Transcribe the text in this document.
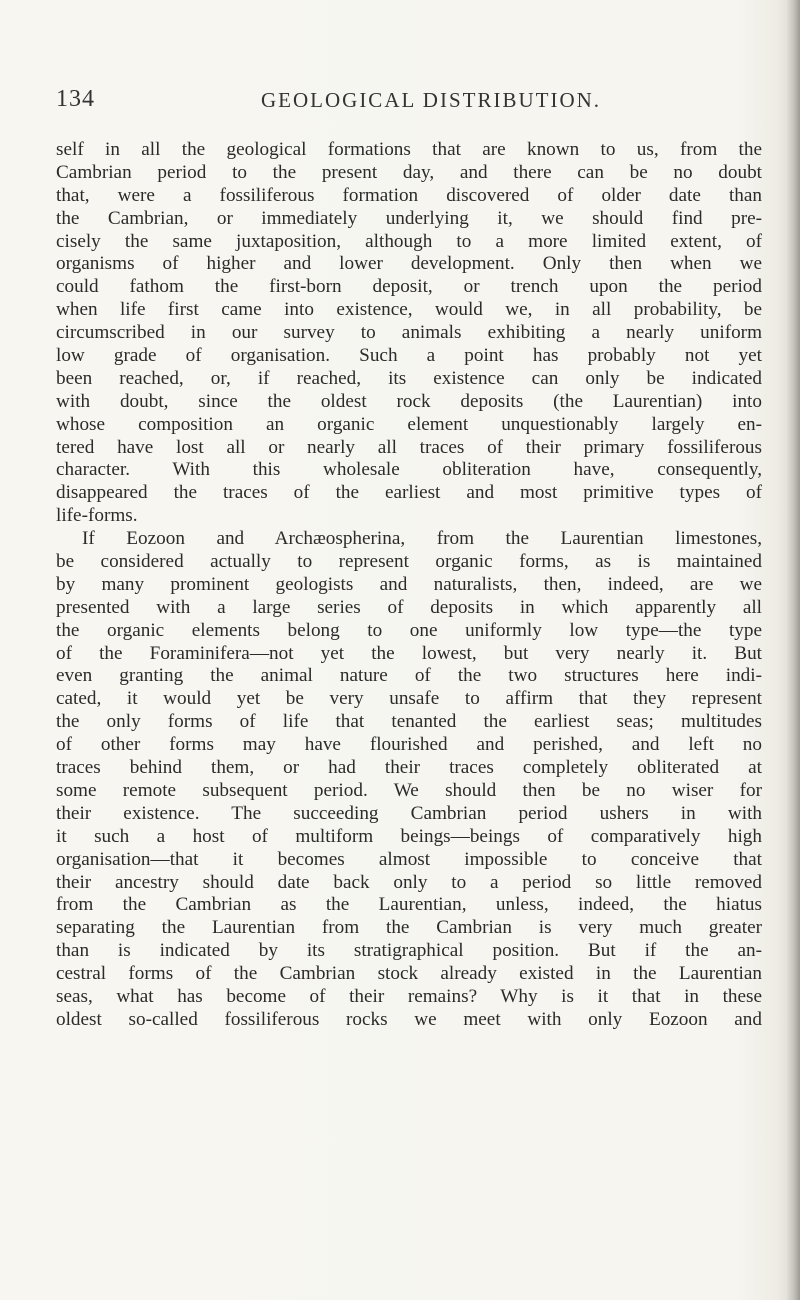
134	GEOLOGICAL DISTRIBUTION.
self in all the geological formations that are known to us, from the
Cambrian period to the present day, and there can be no doubt
that, were a fossiliferous formation discovered of older date than
the Cambrian, or immediately underlying it, we should find pre-
cisely the same juxtaposition, although to a more limited extent, of
organisms of higher and lower development. Only then when we
could fathom the first-born deposit, or trench upon the period
when life first came into existence, would we, in all probability, be
circumscribed in our survey to animals exhibiting a nearly uniform
low grade of organisation. Such a point has probably not yet
been reached, or, if reached, its existence can only be indicated
with doubt, since the oldest rock deposits (the Laurentian) into
whose composition an organic element unquestionably largely en-
tered have lost all or nearly all traces of their primary fossiliferous
character. With this wholesale obliteration have, consequently,
disappeared the traces of the earliest and most primitive types of
life-forms.
If Eozoon and Archæospherina, from the Laurentian limestones,
be considered actually to represent organic forms, as is maintained
by many prominent geologists and naturalists, then, indeed, are we
presented with a large series of deposits in which apparently all
the organic elements belong to one uniformly low type—the type
of the Foraminifera—not yet the lowest, but very nearly it. But
even granting the animal nature of the two structures here indi-
cated, it would yet be very unsafe to affirm that they represent
the only forms of life that tenanted the earliest seas; multitudes
of other forms may have flourished and perished, and left no
traces behind them, or had their traces completely obliterated at
some remote subsequent period. We should then be no wiser for
their existence. The succeeding Cambrian period ushers in with
it such a host of multiform beings—beings of comparatively high
organisation—that it becomes almost impossible to conceive that
their ancestry should date back only to a period so little removed
from the Cambrian as the Laurentian, unless, indeed, the hiatus
separating the Laurentian from the Cambrian is very much greater
than is indicated by its stratigraphical position. But if the an-
cestral forms of the Cambrian stock already existed in the Laurentian
seas, what has become of their remains? Why is it that in these
oldest so-called fossiliferous rocks we meet with only Eozoon and
